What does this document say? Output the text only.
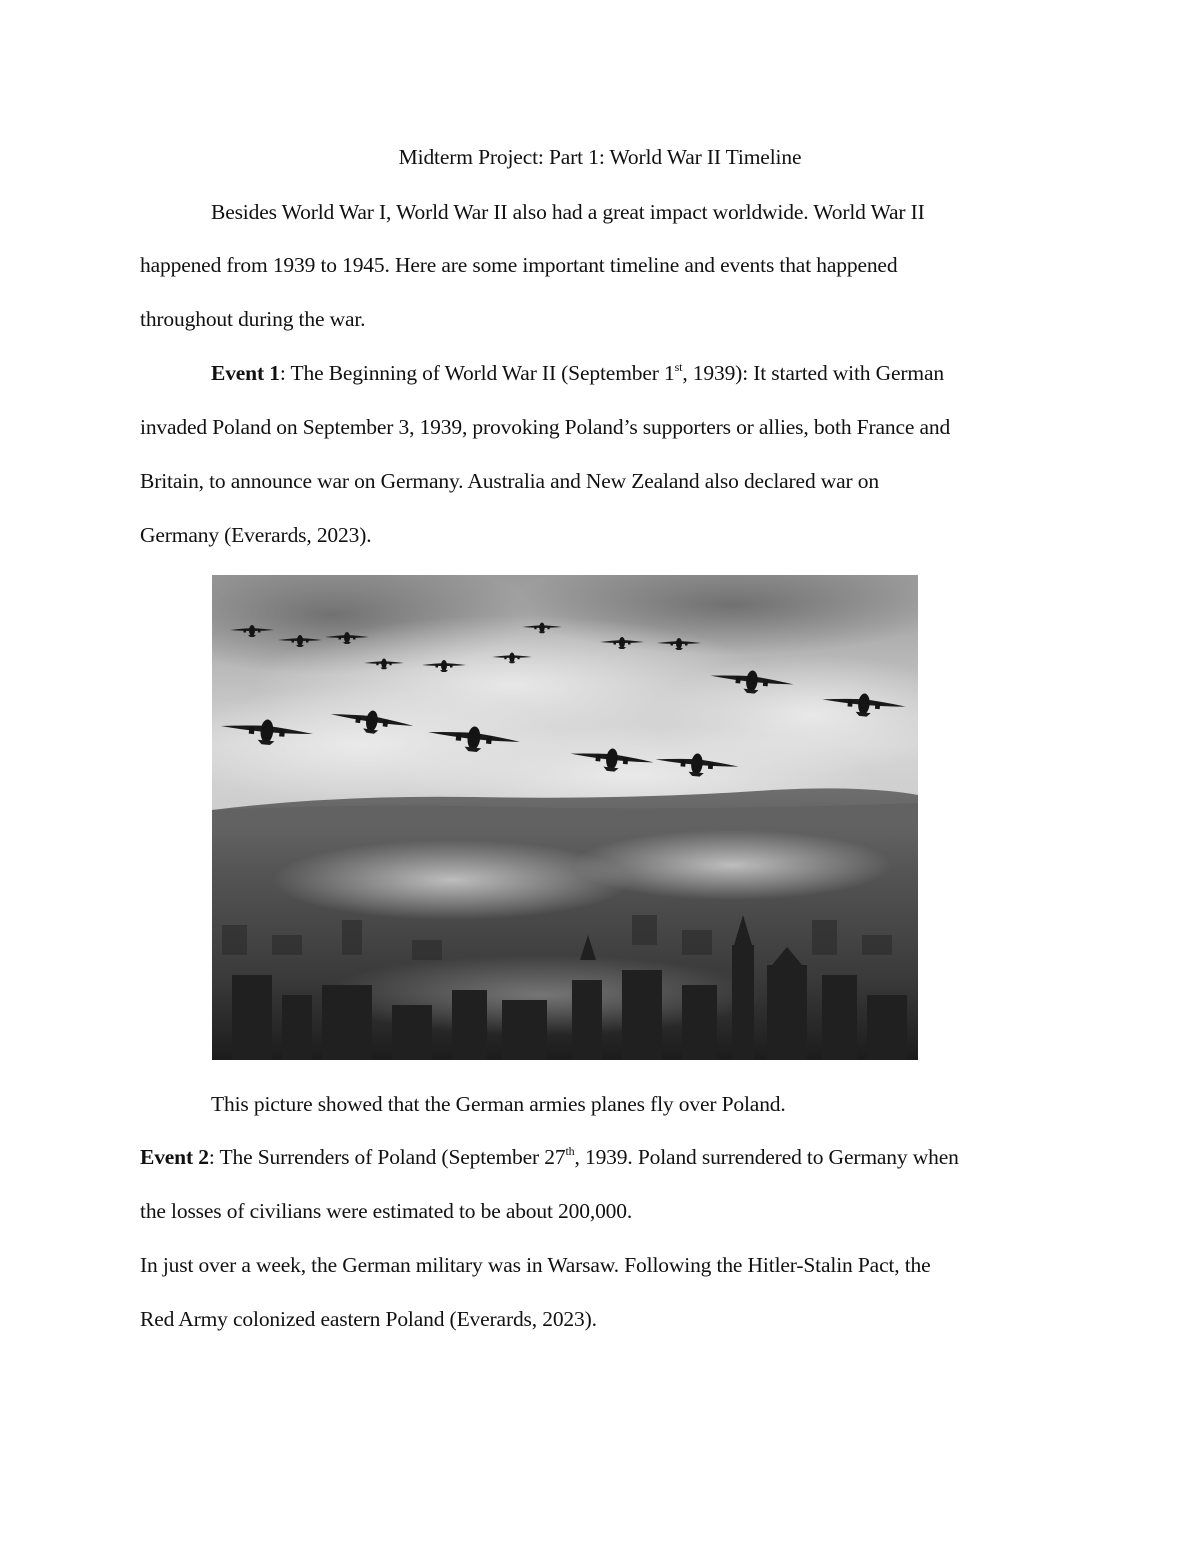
Midterm Project: Part 1: World War II Timeline
Besides World War I, World War II also had a great impact worldwide. World War II
happened from 1939 to 1945. Here are some important timeline and events that happened
throughout during the war.
Event 1: The Beginning of World War II (September 1st, 1939): It started with German
invaded Poland on September 3, 1939, provoking Poland’s supporters or allies, both France and
Britain, to announce war on Germany. Australia and New Zealand also declared war on
Germany (Everards, 2023).
This picture showed that the German armies planes fly over Poland.
Event 2: The Surrenders of Poland (September 27th, 1939. Poland surrendered to Germany when
the losses of civilians were estimated to be about 200,000.
In just over a week, the German military was in Warsaw. Following the Hitler-Stalin Pact, the
Red Army colonized eastern Poland (Everards, 2023).
